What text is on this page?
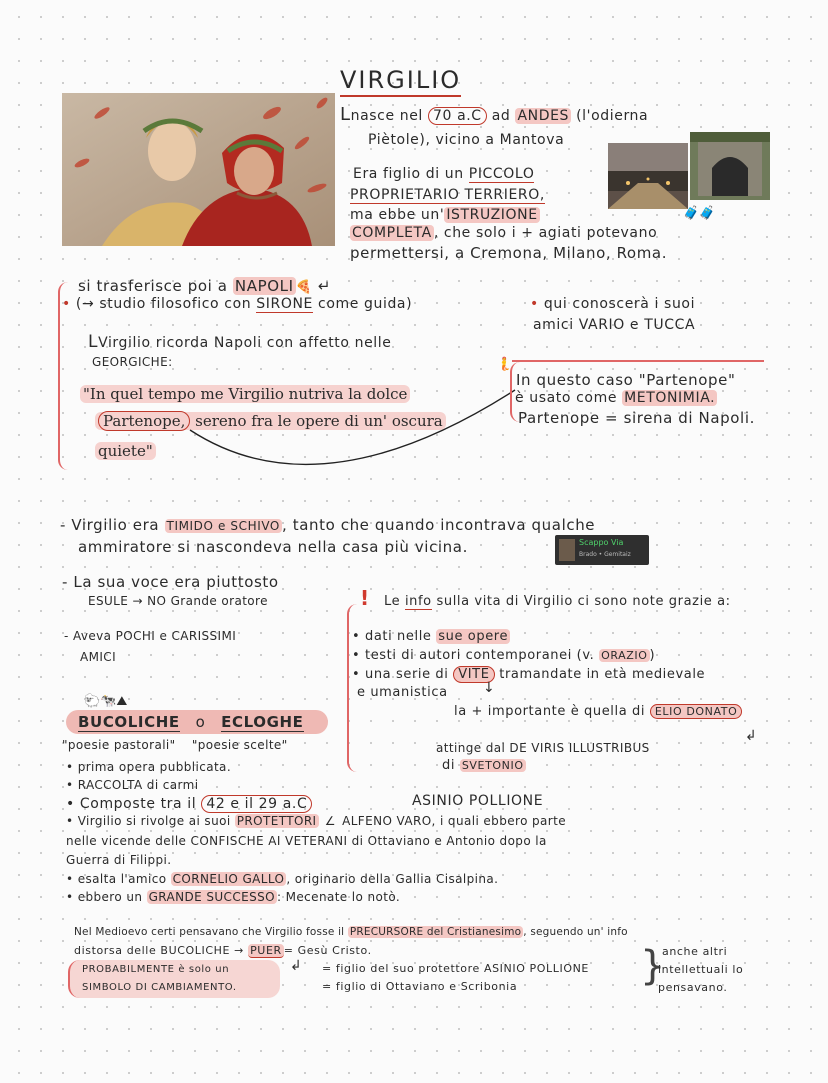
VIRGILIO
Lnasce nel 70 a.C ad ANDES (l'odierna
Piètole), vicino a Mantova
Era figlio di un PICCOLO
PROPRIETARIO TERRIERO,
ma ebbe un' ISTRUZIONE
COMPLETA , che solo i + agiati potevano
permettersi, a Cremona, Milano, Roma.
🧳🧳
si trasferisce poi a NAPOLI 🍕 ↵
• (→ studio filosofico con SIRONE come guida)	• qui conoscerà i suoi
amici VARIO e TUCCA
LVirgilio ricorda Napoli con affetto nelle
GEORGICHE:
"In quel tempo me Virgilio nutriva la dolce
Partenope, sereno fra le opere di un' oscura
quiete"
🧜
In questo caso "Partenope"
è usato come METONIMIA.
Partenope = sirena di Napoli.
- Virgilio era TIMIDO e SCHIVO , tanto che quando incontrava qualche
ammiratore si nascondeva nella casa più vicina.	Scappo Via
Brado • Gemitaiz
- La sua voce era piuttosto
ESULE → NO Grande oratore
- Aveva POCHI e CARISSIMI
AMICI
! Le info sulla vita di Virgilio ci sono note grazie a:
• dati nelle sue opere
• testi di autori contemporanei (v. ORAZIO )
• una serie di VITE tramandate in età medievale
e umanistica	↓
la + importante è quella di ELIO DONATO
↲
attinge dal DE VIRIS ILLUSTRIBUS
di SVETONIO
🐑🐄⛰
BUCOLICHE o ECLOGHE
"poesie pastorali" "poesie scelte"
• prima opera pubblicata.
• RACCOLTA di carmi
• Composte tra il 42 e il 29 a.C	ASINIO POLLIONE
• Virgilio si rivolge ai suoi PROTETTORI ∠ ALFENO VARO, i quali ebbero parte
nelle vicende delle CONFISCHE AI VETERANI di Ottaviano e Antonio dopo la
Guerra di Filippi.
• esalta l'amico CORNELIO GALLO , originario della Gallia Cisalpina.
• ebbero un GRANDE SUCCESSO : Mecenate lo notò.
Nel Medioevo certi pensavano che Virgilio fosse il PRECURSORE del Cristianesimo , seguendo un' info
distorsa delle BUCOLICHE → PUER = Gesù Cristo.
PROBABILMENTE è solo un
SIMBOLO DI CAMBIAMENTO.
↲ = figlio del suo protettore ASINIO POLLIONE
= figlio di Ottaviano e Scribonia	}
anche altri
intellettuali lo
pensavano.
